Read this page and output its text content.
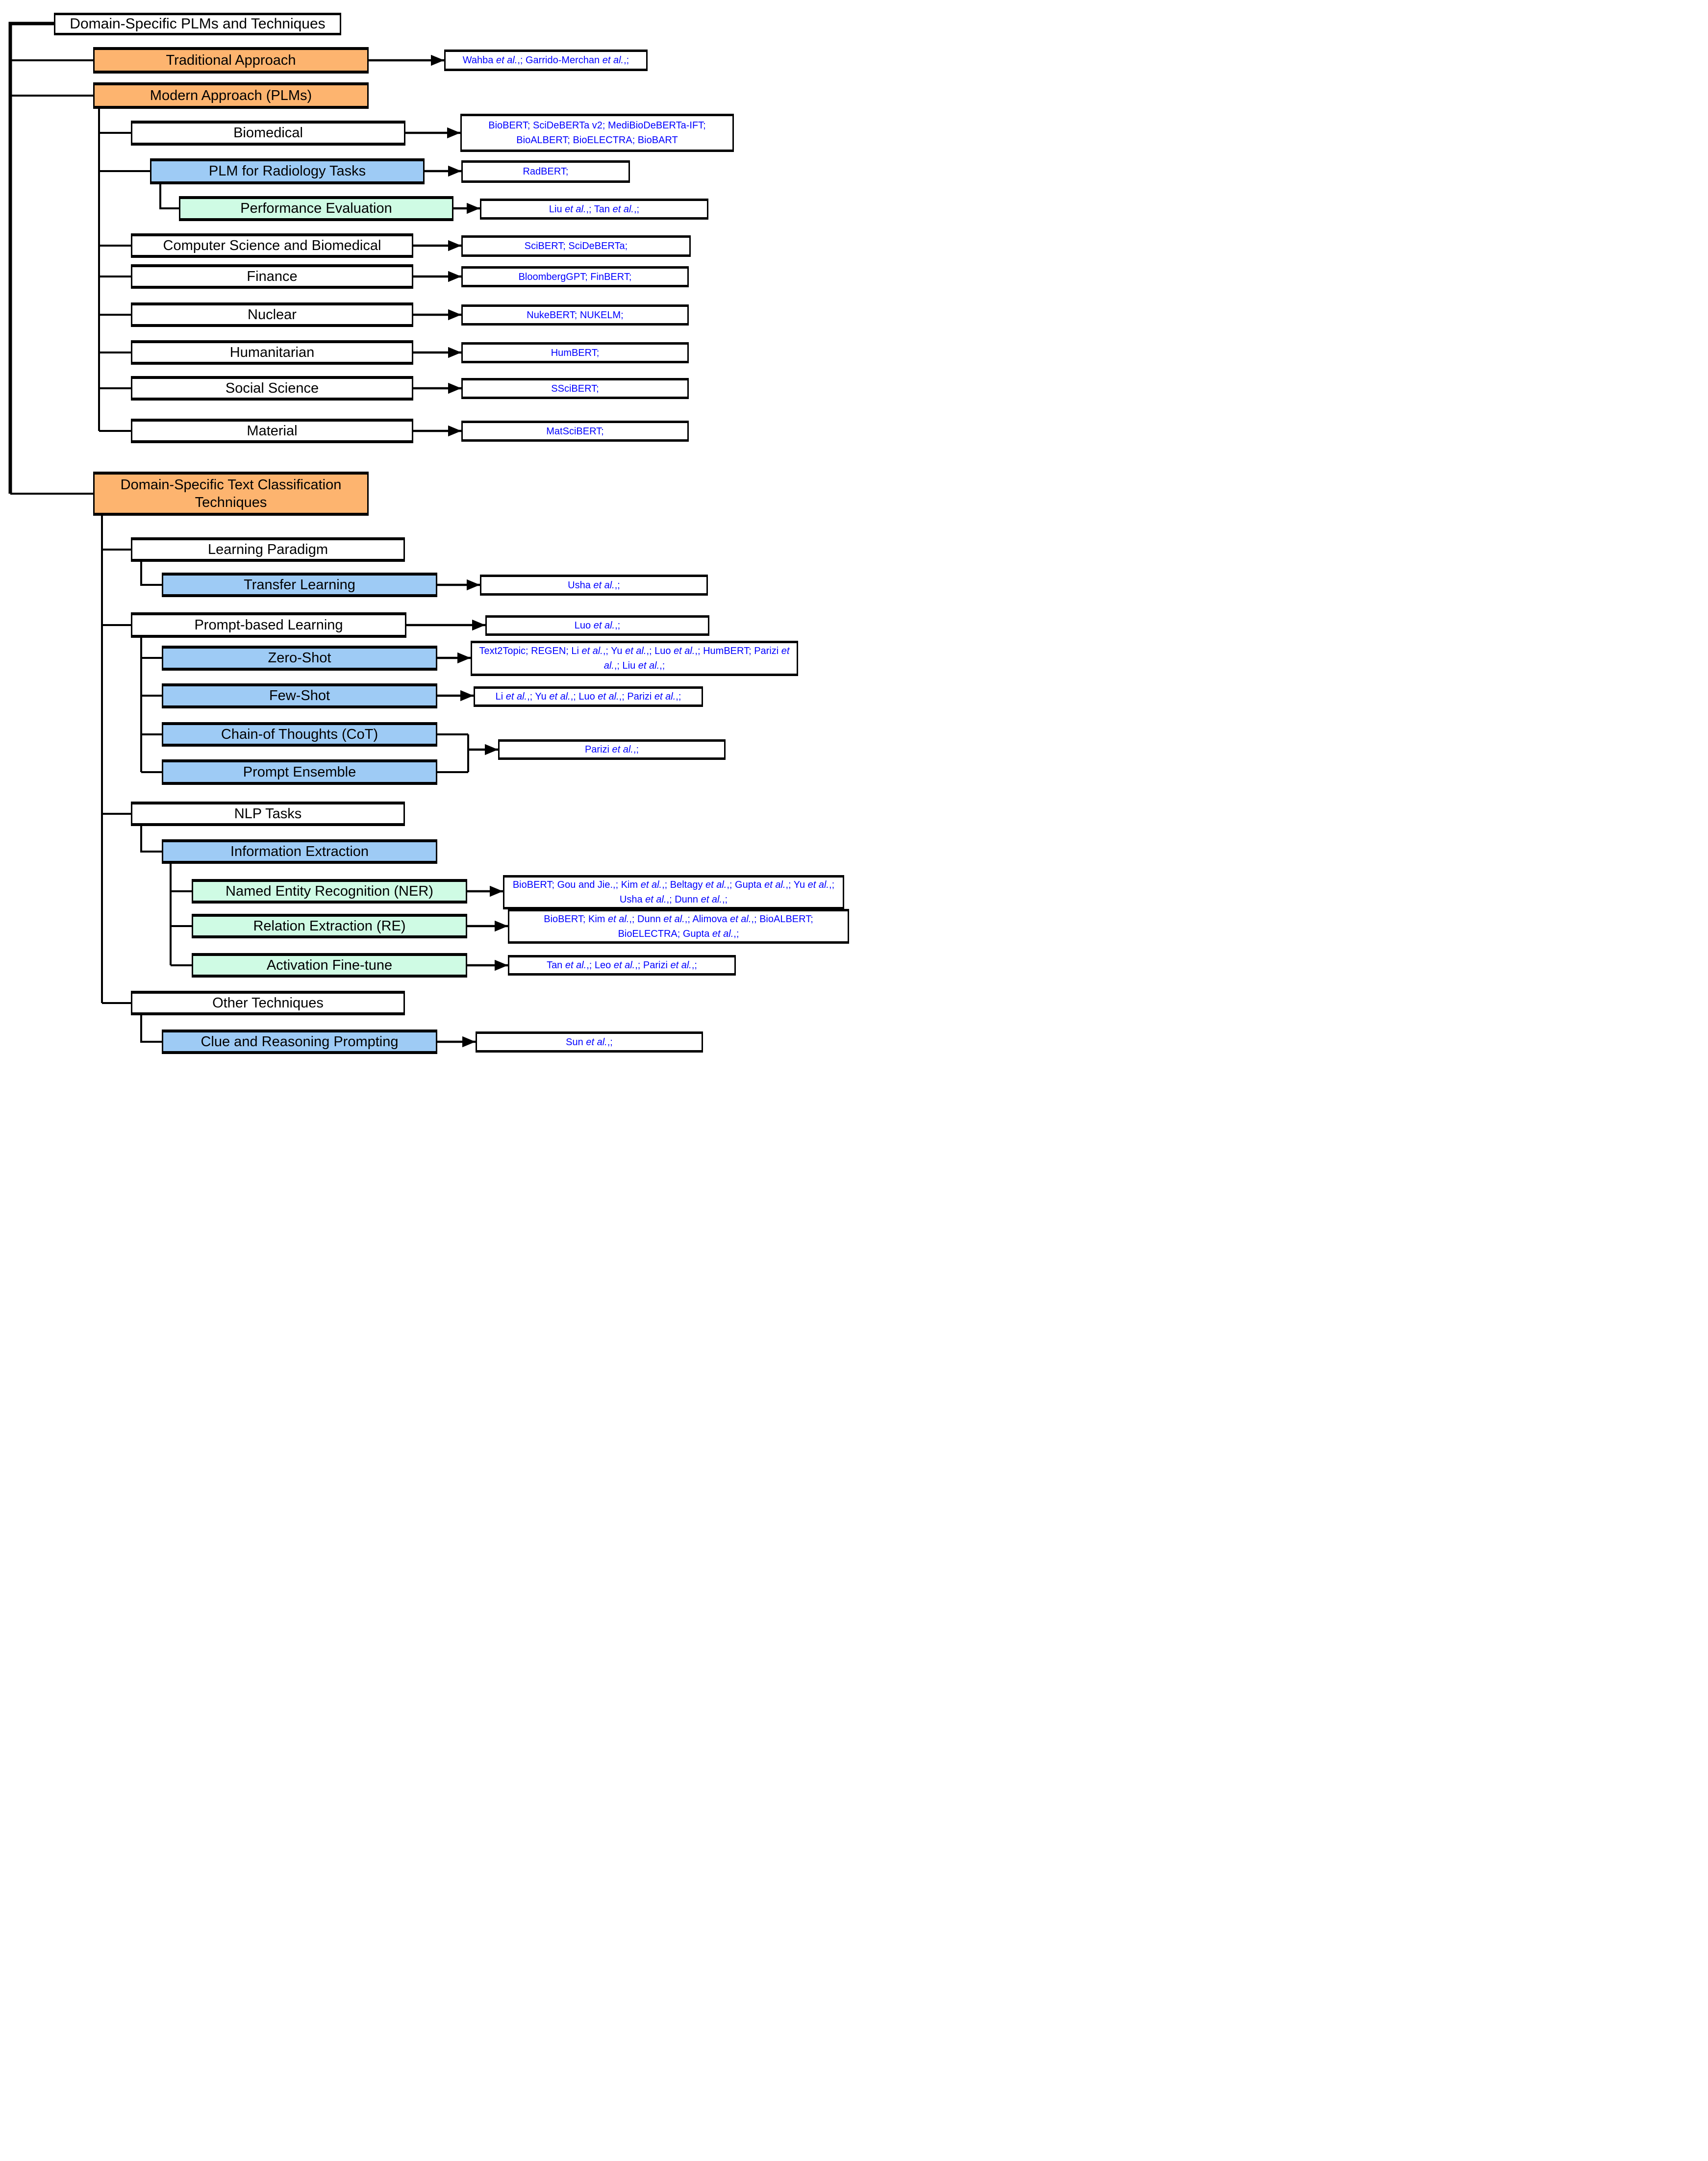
Domain-Specific PLMs and Techniques
Traditional Approach
Modern Approach (PLMs)
Biomedical
PLM for Radiology Tasks
Performance Evaluation
Computer Science and Biomedical
Finance
Nuclear
Humanitarian
Social Science
Material
Domain-Specific Text Classification Techniques
Learning Paradigm
Transfer Learning
Prompt-based Learning
Zero-Shot
Few-Shot
Chain-of Thoughts (CoT)
Prompt Ensemble
NLP Tasks
Information Extraction
Named Entity Recognition (NER)
Relation Extraction (RE)
Activation Fine-tune
Other Techniques
Clue and Reasoning Prompting
Wahba et al.,; Garrido-Merchan et al.,;
BioBERT; SciDeBERTa v2; MediBioDeBERTa-IFT; BioALBERT; BioELECTRA; BioBART
RadBERT;
Liu et al.,; Tan et al.,;
SciBERT; SciDeBERTa;
BloombergGPT; FinBERT;
NukeBERT; NUKELM;
HumBERT;
SSciBERT;
MatSciBERT;
Usha et al.,;
Luo et al.,;
Text2Topic; REGEN; Li et al.,; Yu et al.,; Luo et al.,; HumBERT; Parizi et al.,; Liu et al.,;
Li et al.,; Yu et al.,; Luo et al.,; Parizi et al.,;
Parizi et al.,;
BioBERT; Gou and Jie.,; Kim et al.,; Beltagy et al.,; Gupta et al.,; Yu et al.,; Usha et al.,; Dunn et al.,;
BioBERT; Kim et al.,; Dunn et al.,; Alimova et al.,; BioALBERT; BioELECTRA; Gupta et al.,;
Tan et al.,; Leo et al.,; Parizi et al.,;
Sun et al.,;
